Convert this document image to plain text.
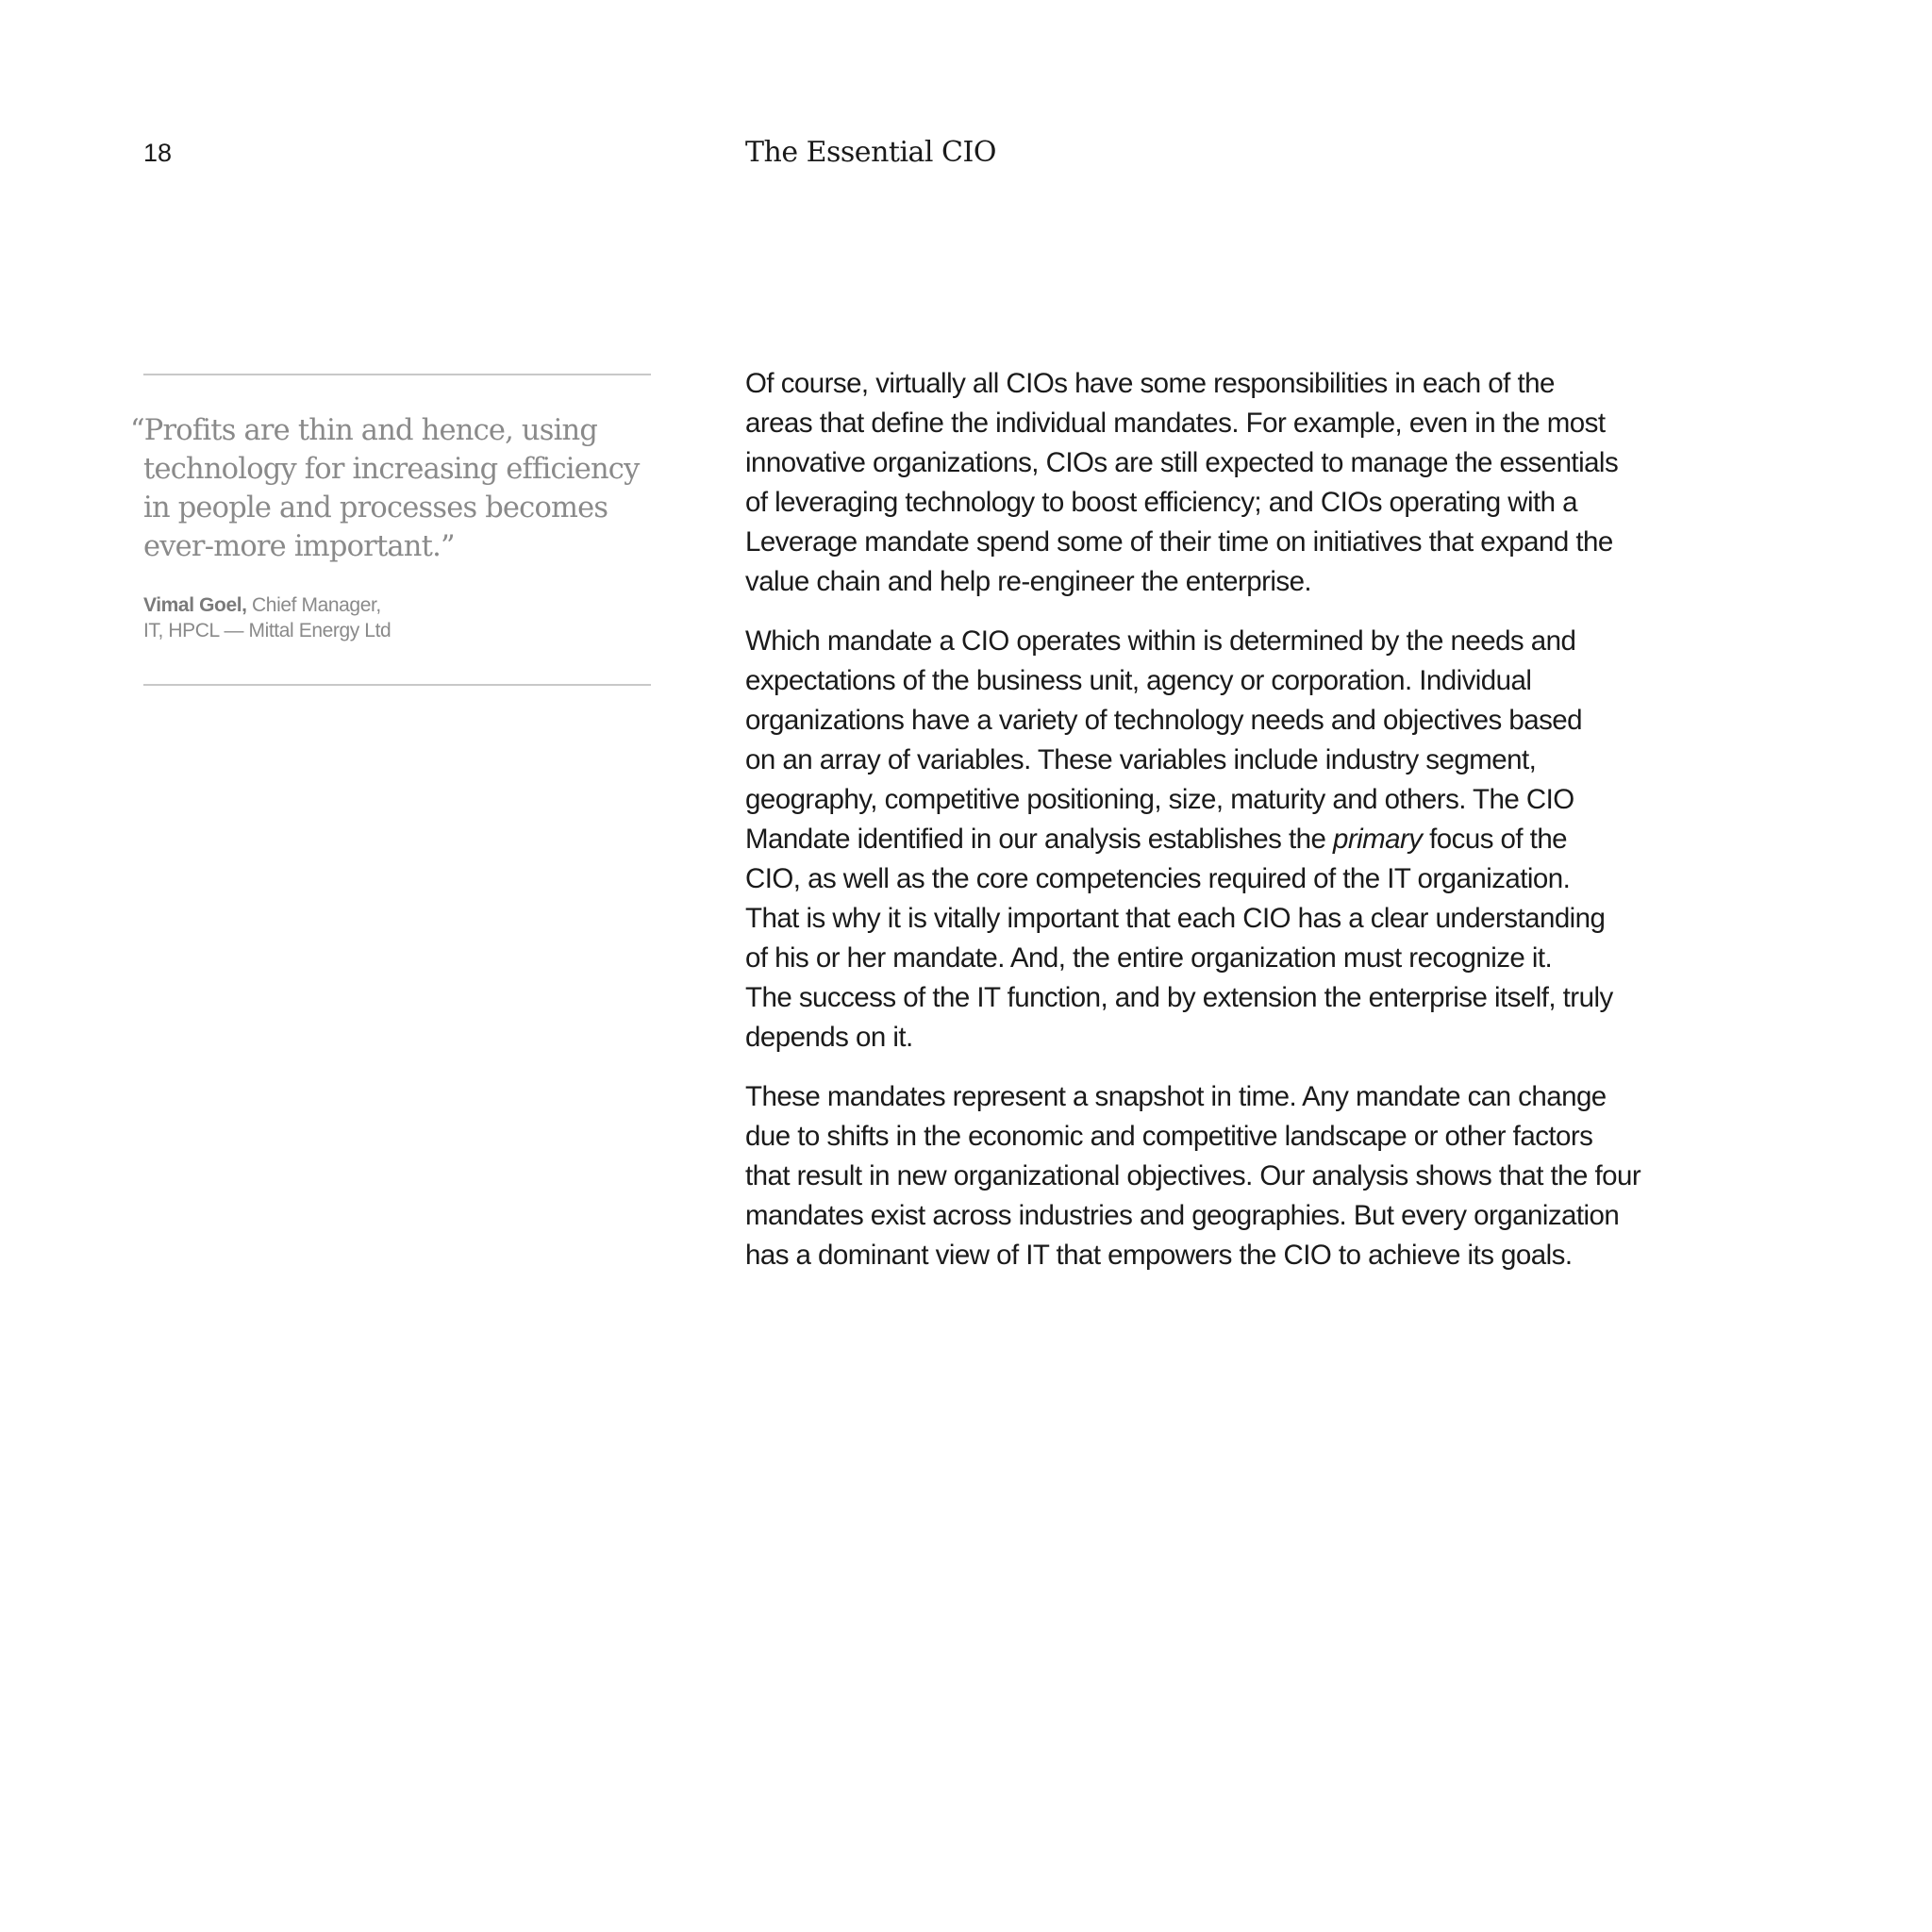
18	The Essential CIO
“Profits are thin and hence, using
technology for increasing efficiency
in people and processes becomes
ever-more important.”
Vimal Goel, Chief Manager,
IT, HPCL — Mittal Energy Ltd

Of course, virtually all CIOs have some responsibilities in each of the
areas that define the individual mandates. For example, even in the most
innovative organizations, CIOs are still expected to manage the essentials
of leveraging technology to boost efficiency; and CIOs operating with a
Leverage mandate spend some of their time on initiatives that expand the
value chain and help re-engineer the enterprise.

Which mandate a CIO operates within is determined by the needs and
expectations of the business unit, agency or corporation. Individual
organizations have a variety of technology needs and objectives based
on an array of variables. These variables include industry segment,
geography, competitive positioning, size, maturity and others. The CIO
Mandate identified in our analysis establishes the primary focus of the
CIO, as well as the core competencies required of the IT organization.
That is why it is vitally important that each CIO has a clear understanding
of his or her mandate. And, the entire organization must recognize it.
The success of the IT function, and by extension the enterprise itself, truly
depends on it.

These mandates represent a snapshot in time. Any mandate can change
due to shifts in the economic and competitive landscape or other factors
that result in new organizational objectives. Our analysis shows that the four
mandates exist across industries and geographies. But every organization
has a dominant view of IT that empowers the CIO to achieve its goals.
